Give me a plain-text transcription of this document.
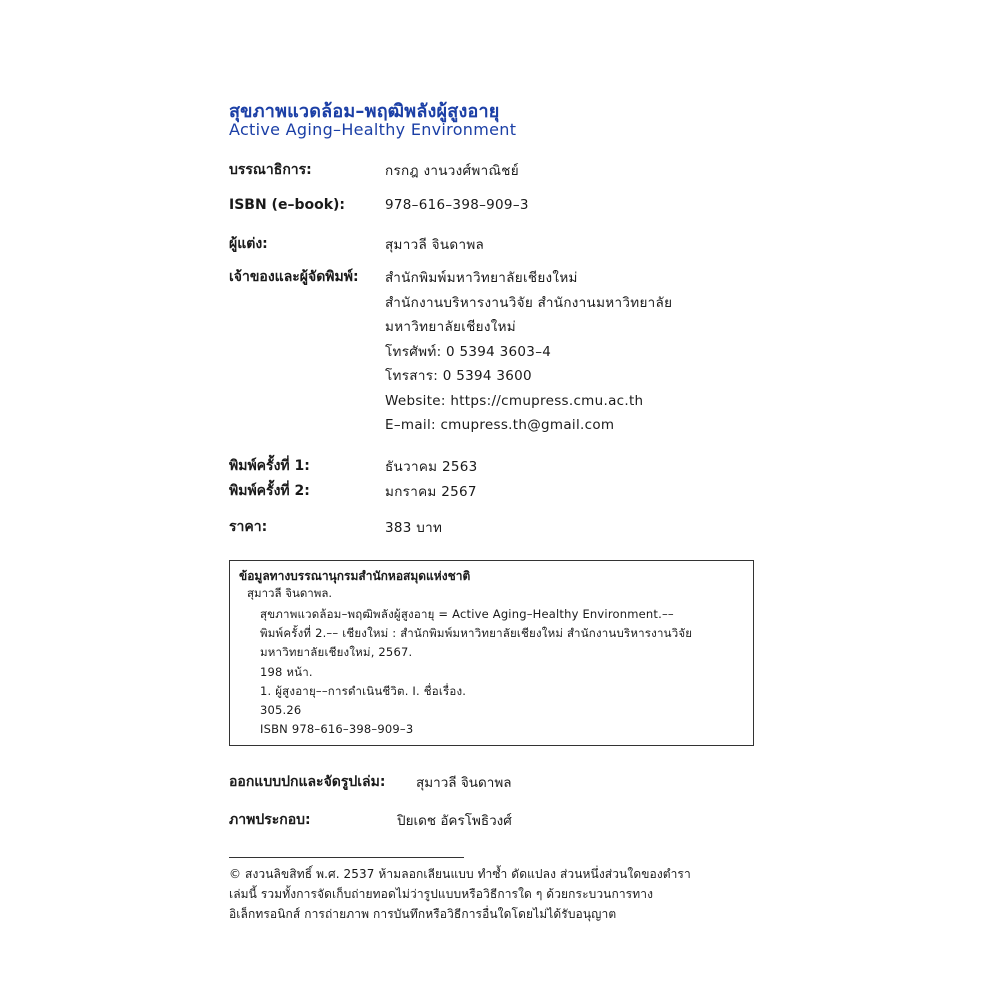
สุขภาพแวดล้อม–พฤฒิพลังผู้สูงอายุ
Active Aging–Healthy Environment
บรรณาธิการ:	กรกฎ งานวงศ์พาณิชย์
ISBN (e–book):	978–616–398–909–3
ผู้แต่ง:	สุมาวลี จินดาพล
เจ้าของและผู้จัดพิมพ์: สำนักพิมพ์มหาวิทยาลัยเชียงใหม่
สำนักงานบริหารงานวิจัย สำนักงานมหาวิทยาลัย
มหาวิทยาลัยเชียงใหม่
โทรศัพท์: 0 5394 3603–4
โทรสาร: 0 5394 3600
Website: https://cmupress.cmu.ac.th
E–mail: cmupress.th@gmail.com
พิมพ์ครั้งที่ 1:	ธันวาคม 2563
พิมพ์ครั้งที่ 2:	มกราคม 2567
ราคา:	383 บาท
ข้อมูลทางบรรณานุกรมสำนักหอสมุดแห่งชาติ
สุมาวลี จินดาพล.
สุขภาพแวดล้อม–พฤฒิพลังผู้สูงอายุ = Active Aging–Healthy Environment.––
พิมพ์ครั้งที่ 2.–– เชียงใหม่ : สำนักพิมพ์มหาวิทยาลัยเชียงใหม่ สำนักงานบริหารงานวิจัย
มหาวิทยาลัยเชียงใหม่, 2567.
198 หน้า.
1. ผู้สูงอายุ––การดำเนินชีวิต. I. ชื่อเรื่อง.
305.26
ISBN 978–616–398–909–3
ออกแบบปกและจัดรูปเล่ม: สุมาวลี จินดาพล
ภาพประกอบ:	ปิยเดช อัครโพธิวงศ์
© สงวนลิขสิทธิ์ พ.ศ. 2537 ห้ามลอกเลียนแบบ ทำซ้ำ ดัดแปลง ส่วนหนึ่งส่วนใดของตำรา
เล่มนี้ รวมทั้งการจัดเก็บถ่ายทอดไม่ว่ารูปแบบหรือวิธีการใด ๆ ด้วยกระบวนการทาง
อิเล็กทรอนิกส์ การถ่ายภาพ การบันทึกหรือวิธีการอื่นใดโดยไม่ได้รับอนุญาต
